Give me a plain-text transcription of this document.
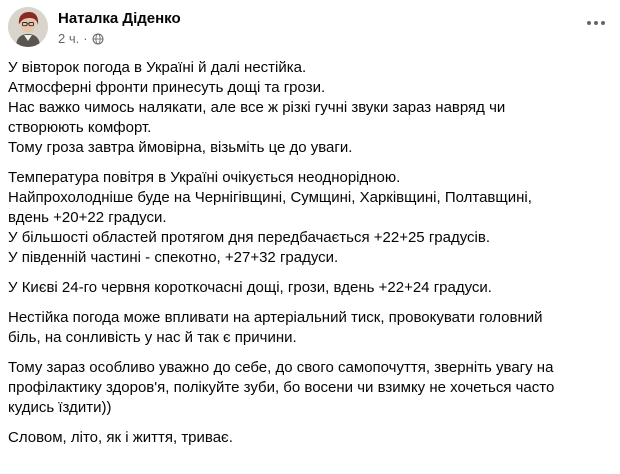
Наталка Діденко
2 ч. ·
У вівторок погода в Україні й далі нестійка.
Атмосферні фронти принесуть дощі та грози.
Нас важко чимось налякати, але все ж різкі гучні звуки зараз навряд чи
створюють комфорт.
Тому гроза завтра ймовірна, візьміть це до уваги.
Температура повітря в Україні очікується неоднорідною.
Найпрохолодніше буде на Чернігівщині, Сумщині, Харківщині, Полтавщині,
вдень +20+22 градуси.
У більшості областей протягом дня передбачається +22+25 градусів.
У південній частині - спекотно, +27+32 градуси.
У Києві 24-го червня короткочасні дощі, грози, вдень +22+24 градуси.
Нестійка погода може впливати на артеріальний тиск, провокувати головний
біль, на сонливість у нас й так є причини.
Тому зараз особливо уважно до себе, до свого самопочуття, зверніть увагу на
профілактику здоров'я, полікуйте зуби, бо восени чи взимку не хочеться часто
кудись їздити))
Словом, літо, як і життя, триває.
